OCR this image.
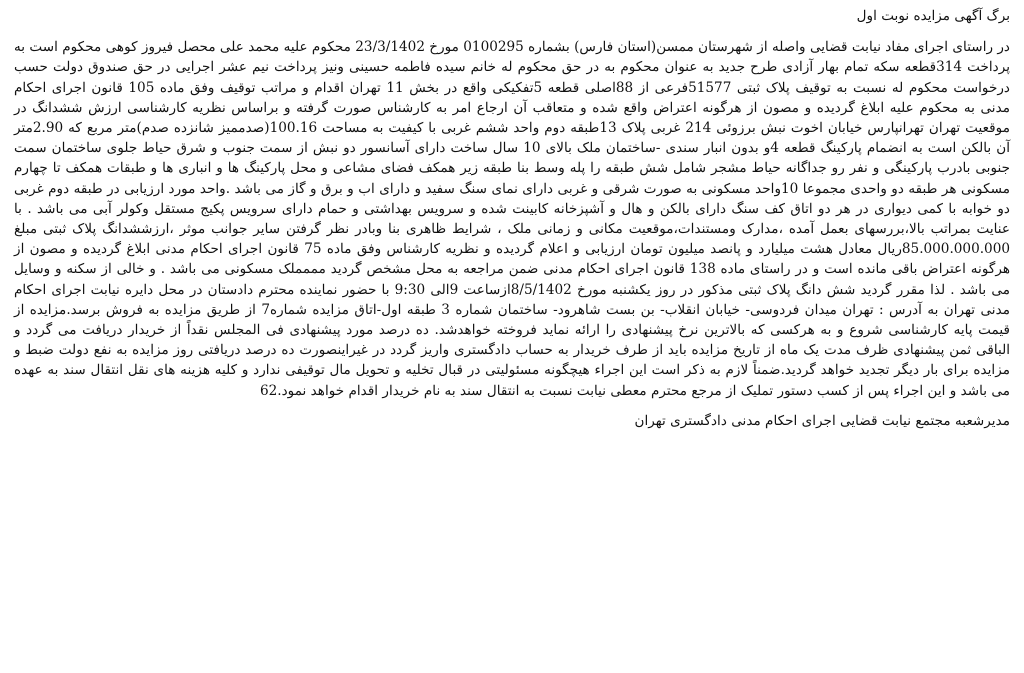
برگ آگهی مزایده نوبت اول

در راستای اجرای مفاد نیابت قضایی واصله از شهرستان ممسن(استان فارس) بشماره 0100295 مورخ 23/3/1402 محکوم علیه محمد علی محصل فیروز کوهی محکوم است به پرداخت 314قطعه سکه تمام بهار آزادی طرح جدید به عنوان محکوم به در حق محکوم له خانم سیده فاطمه حسینی ونیز پرداخت نیم عشر اجرایی در حق صندوق دولت حسب درخواست محکوم له نسبت به توقیف پلاک ثبتی 51577فرعی از 88اصلی قطعه 5تفکیکی واقع در بخش 11 تهران اقدام و مراتب توقیف وفق ماده 105 قانون اجرای احکام مدنی به محکوم علیه ابلاغ گردیده و مصون از هرگونه اعتراض واقع شده و متعاقب آن ارجاع امر به کارشناس صورت گرفته و براساس نظریه کارشناسی ارزش ششدانگ در موقعیت تهران تهرانپارس خیابان اخوت نبش برزوئی 214 غربی پلاک 13طبقه دوم واحد ششم غربی با کیفیت به مساحت 100.16(صدممیز شانزده صدم)متر مربع که 2.90متر آن بالکن است به انضمام پارکینگ قطعه 4و بدون انبار سندی -ساختمان ملک بالای 10 سال ساخت دارای آسانسور دو نبش از سمت جنوب و شرق حیاط جلوی ساختمان سمت جنوبی بادرب پارکینگی و نفر رو جداگانه حیاط مشجر شامل شش طبقه را پله وسط بنا طبقه زیر همکف فضای مشاعی و محل پارکینگ ها و انباری ها و طبقات همکف تا چهارم مسکونی هر طبقه دو واحدی مجموعا 10واحد مسکونی به صورت شرقی و غربی دارای نمای سنگ سفید و دارای اب و برق و گاز می باشد .واحد مورد ارزیابی در طبقه دوم غربی دو خوابه با کمی دیواری در هر دو اتاق کف سنگ دارای بالکن و هال و آشپزخانه کابینت شده و سرویس بهداشتی و حمام دارای سرویس پکیج مستقل وکولر آبی می باشد . با عنایت بمراتب بالا،بررسهای بعمل آمده ،مدارک ومستندات،موقعیت مکانی و زمانی ملک ، شرایط ظاهری بنا وبادر نظر گرفتن سایر جوانب موثر ،ارزششدانگ پلاک ثبتی مبلغ 85.000.000.000ریال معادل هشت میلیارد و پانصد میلیون تومان ارزیابی و اعلام گردیده و نظریه کارشناس وفق ماده 75 قانون اجرای احکام مدنی ابلاغ گردیده و مصون از هرگونه اعتراض باقی مانده است و در راستای ماده 138 قانون اجرای احکام مدنی ضمن مراجعه به محل مشخص گردید مممملک مسکونی می باشد . و خالی از سکنه و وسایل می باشد . لذا مقرر گردید شش دانگ پلاک ثبتی مذکور در روز یکشنبه مورخ 8/5/1402ازساعت 9الی 9:30 با حضور نماینده محترم دادستان در محل دایره نیابت اجرای احکام مدنی تهران به آدرس : تهران میدان فردوسی- خیابان انقلاب- بن بست شاهرود- ساختمان شماره 3 طبقه اول-اتاق مزایده شماره7 از طریق مزایده به فروش برسد.مزایده از قیمت پایه کارشناسی شروع و به هرکسی که بالاترین نرخ پیشنهادی را ارائه نماید فروخته خواهدشد. ده درصد مورد پیشنهادی فی المجلس نقداً از خریدار دریافت می گردد و الباقی ثمن پیشنهادی ظرف مدت یک ماه از تاریخ مزایده باید از طرف خریدار به حساب دادگستری واریز گردد در غیراینصورت ده درصد دریافتی روز مزایده به نفع دولت ضبط و مزایده برای بار دیگر تجدید خواهد گردید.ضمناً لازم به ذکر است این اجراء هیچگونه مسئولیتی در قبال تخلیه و تحویل مال توقیفی ندارد و کلیه هزینه های نقل انتقال سند به عهده می باشد و این اجراء پس از کسب دستور تملیک از مرجع محترم معطی نیابت نسبت به انتقال سند به نام خریدار اقدام خواهد نمود.62

مدیرشعبه مجتمع نیابت قضایی اجرای احکام مدنی دادگستری تهران
